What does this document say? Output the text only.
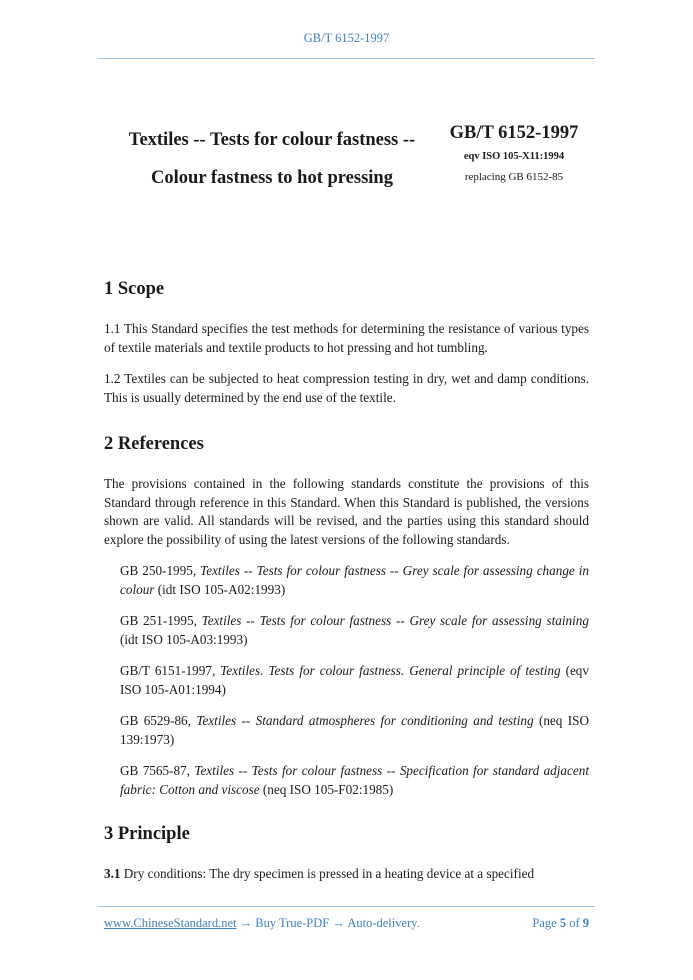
GB/T 6152-1997
Textiles -- Tests for colour fastness --
Colour fastness to hot pressing
GB/T 6152-1997
eqv ISO 105-X11:1994
replacing GB 6152-85
1 Scope

1.1 This Standard specifies the test methods for determining the resistance of various types of textile materials and textile products to hot pressing and hot tumbling.

1.2 Textiles can be subjected to heat compression testing in dry, wet and damp conditions. This is usually determined by the end use of the textile.

2 References

The provisions contained in the following standards constitute the provisions of this Standard through reference in this Standard. When this Standard is published, the versions shown are valid. All standards will be revised, and the parties using this standard should explore the possibility of using the latest versions of the following standards.

GB 250-1995, Textiles -- Tests for colour fastness -- Grey scale for assessing change in colour (idt ISO 105-A02:1993)

GB 251-1995, Textiles -- Tests for colour fastness -- Grey scale for assessing staining (idt ISO 105-A03:1993)

GB/T 6151-1997, Textiles. Tests for colour fastness. General principle of testing (eqv ISO 105-A01:1994)

GB 6529-86, Textiles -- Standard atmospheres for conditioning and testing (neq ISO 139:1973)

GB 7565-87, Textiles -- Tests for colour fastness -- Specification for standard adjacent fabric: Cotton and viscose (neq ISO 105-F02:1985)

3 Principle

3.1 Dry conditions: The dry specimen is pressed in a heating device at a specified

www.ChineseStandard.net → Buy True-PDF → Auto-delivery.	Page 5 of 9
